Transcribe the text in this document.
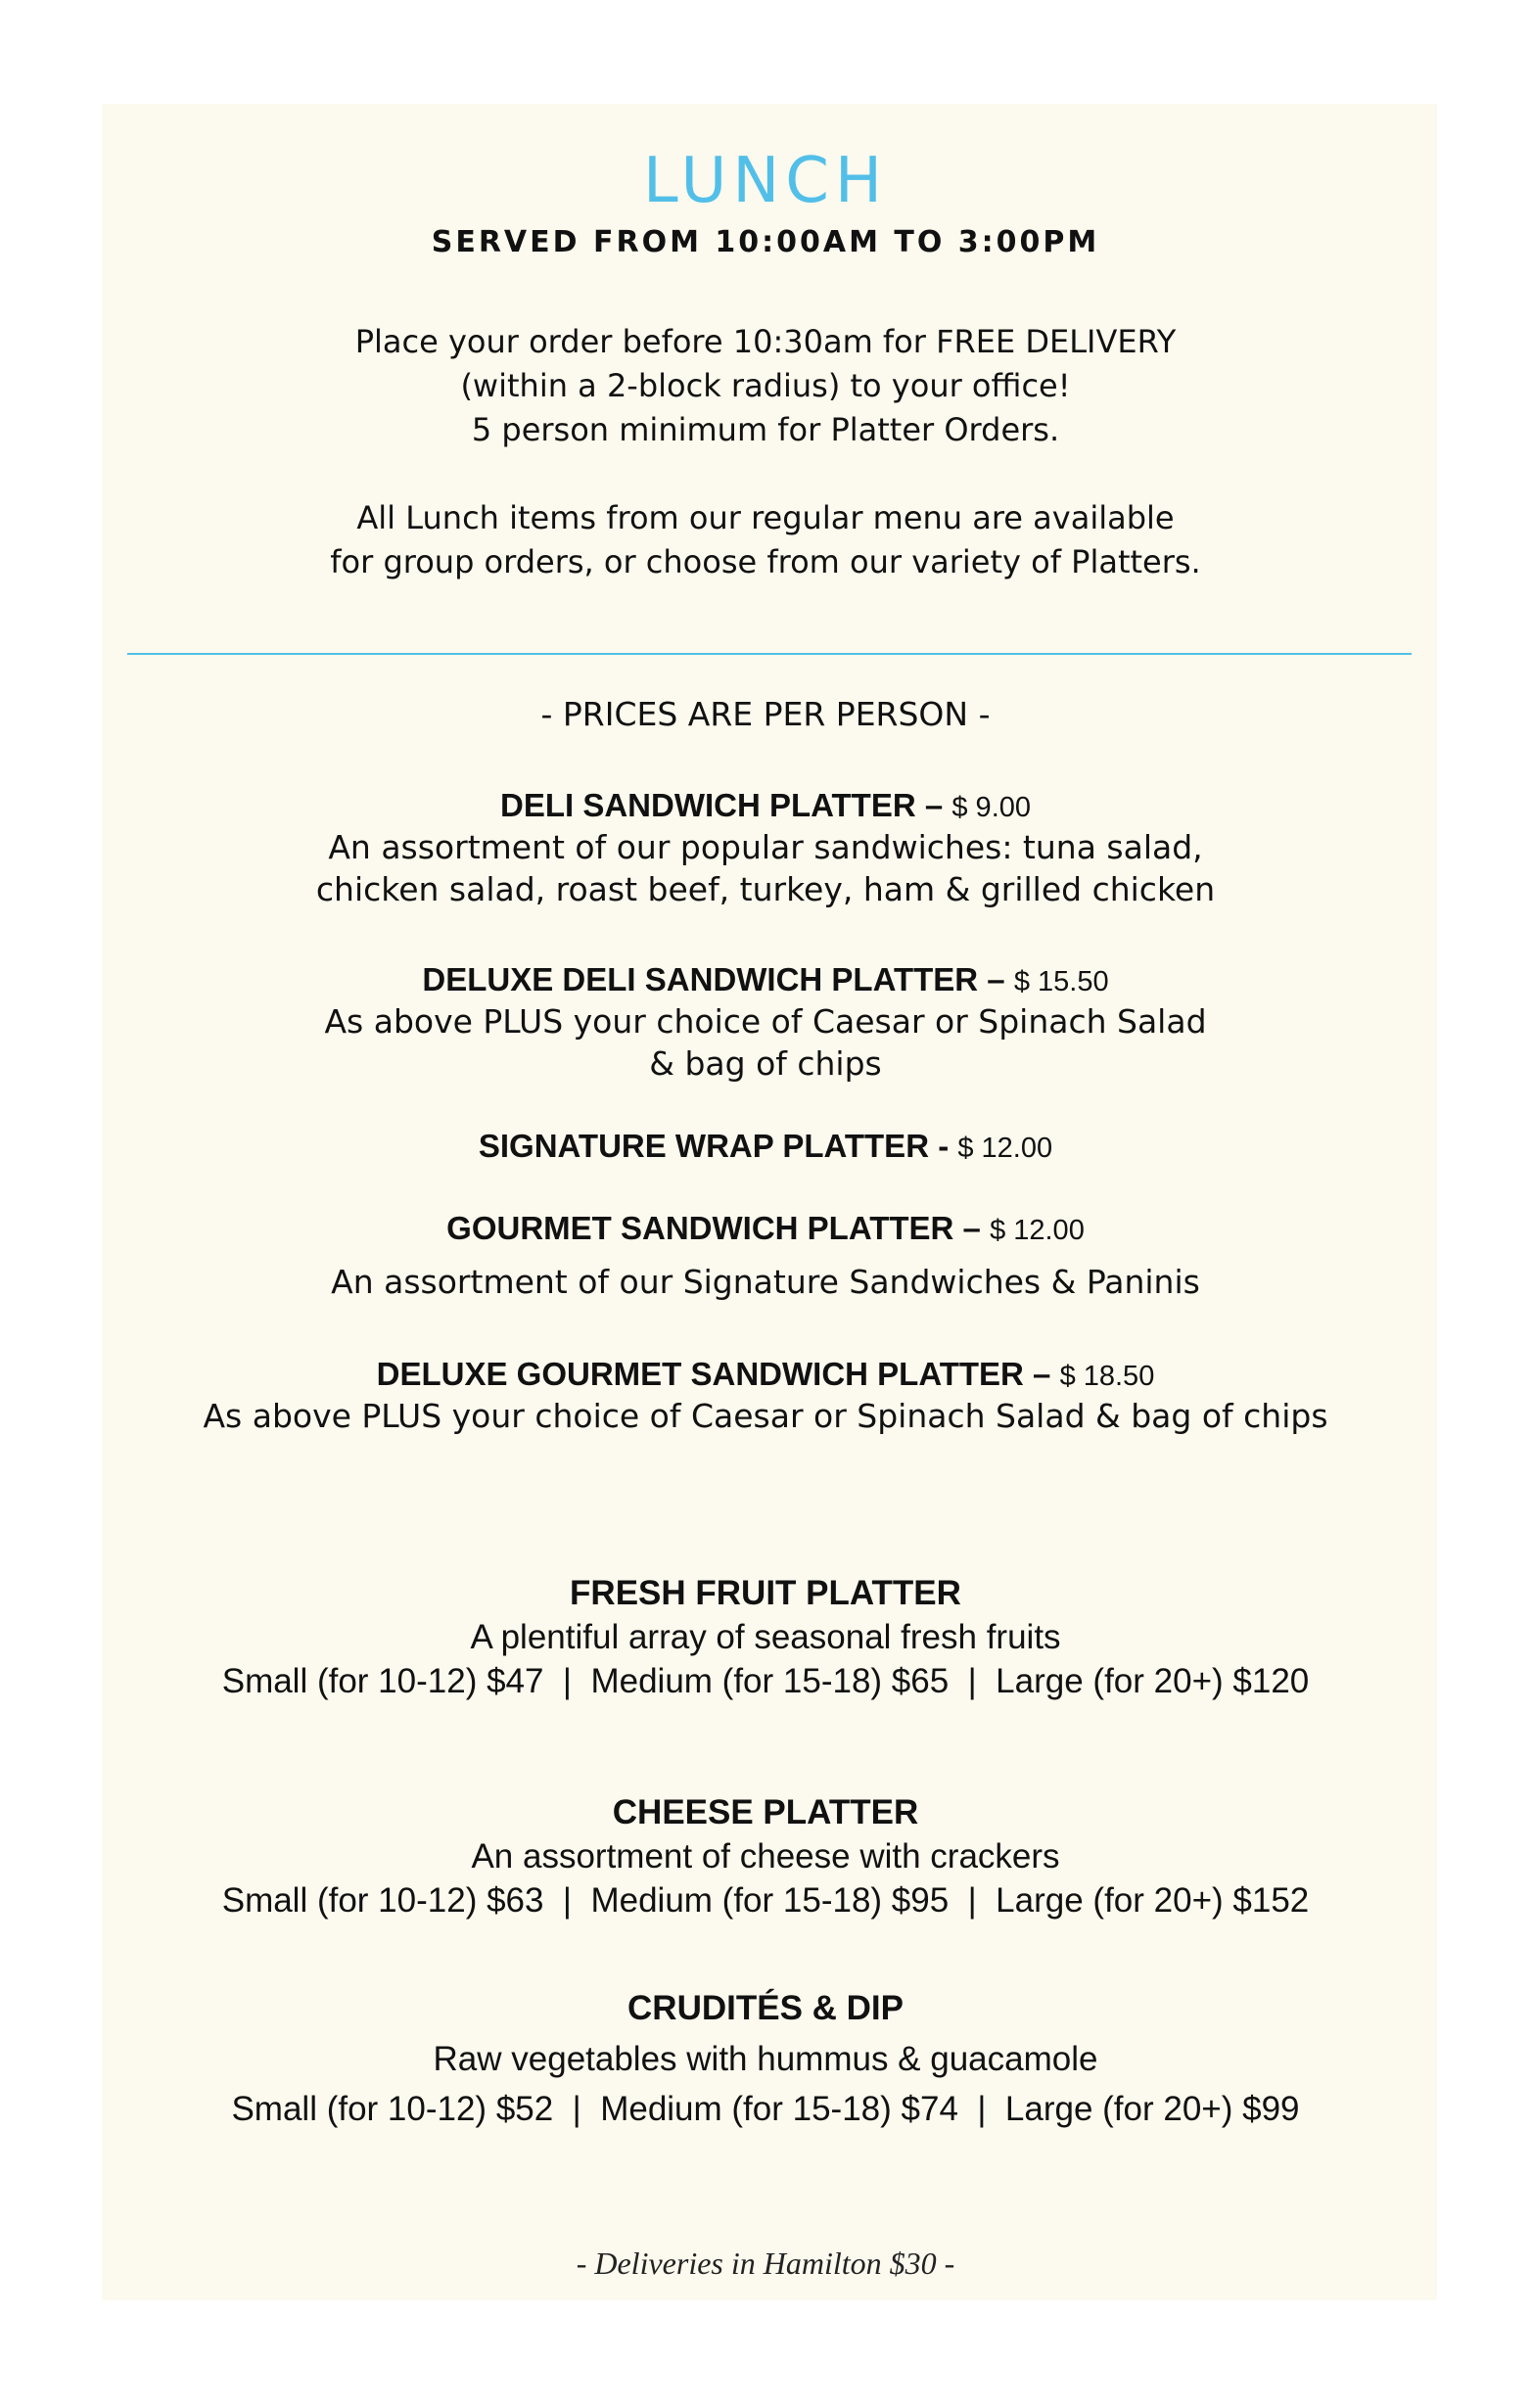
LUNCH
SERVED FROM 10:00AM TO 3:00PM
Place your order before 10:30am for FREE DELIVERY
(within a 2-block radius) to your office!
5 person minimum for Platter Orders.
All Lunch items from our regular menu are available
for group orders, or choose from our variety of Platters.
- PRICES ARE PER PERSON -
DELI SANDWICH PLATTER – $ 9.00
An assortment of our popular sandwiches: tuna salad,
chicken salad, roast beef, turkey, ham & grilled chicken
DELUXE DELI SANDWICH PLATTER – $ 15.50
As above PLUS your choice of Caesar or Spinach Salad
& bag of chips
SIGNATURE WRAP PLATTER - $ 12.00
GOURMET SANDWICH PLATTER – $ 12.00
An assortment of our Signature Sandwiches & Paninis
DELUXE GOURMET SANDWICH PLATTER – $ 18.50
As above PLUS your choice of Caesar or Spinach Salad & bag of chips
FRESH FRUIT PLATTER
A plentiful array of seasonal fresh fruits
Small (for 10-12) $47  |  Medium (for 15-18) $65  |  Large (for 20+) $120
CHEESE PLATTER
An assortment of cheese with crackers
Small (for 10-12) $63  |  Medium (for 15-18) $95  |  Large (for 20+) $152
CRUDITÉS & DIP
Raw vegetables with hummus & guacamole
Small (for 10-12) $52  |  Medium (for 15-18) $74  |  Large (for 20+) $99
- Deliveries in Hamilton $30 -
